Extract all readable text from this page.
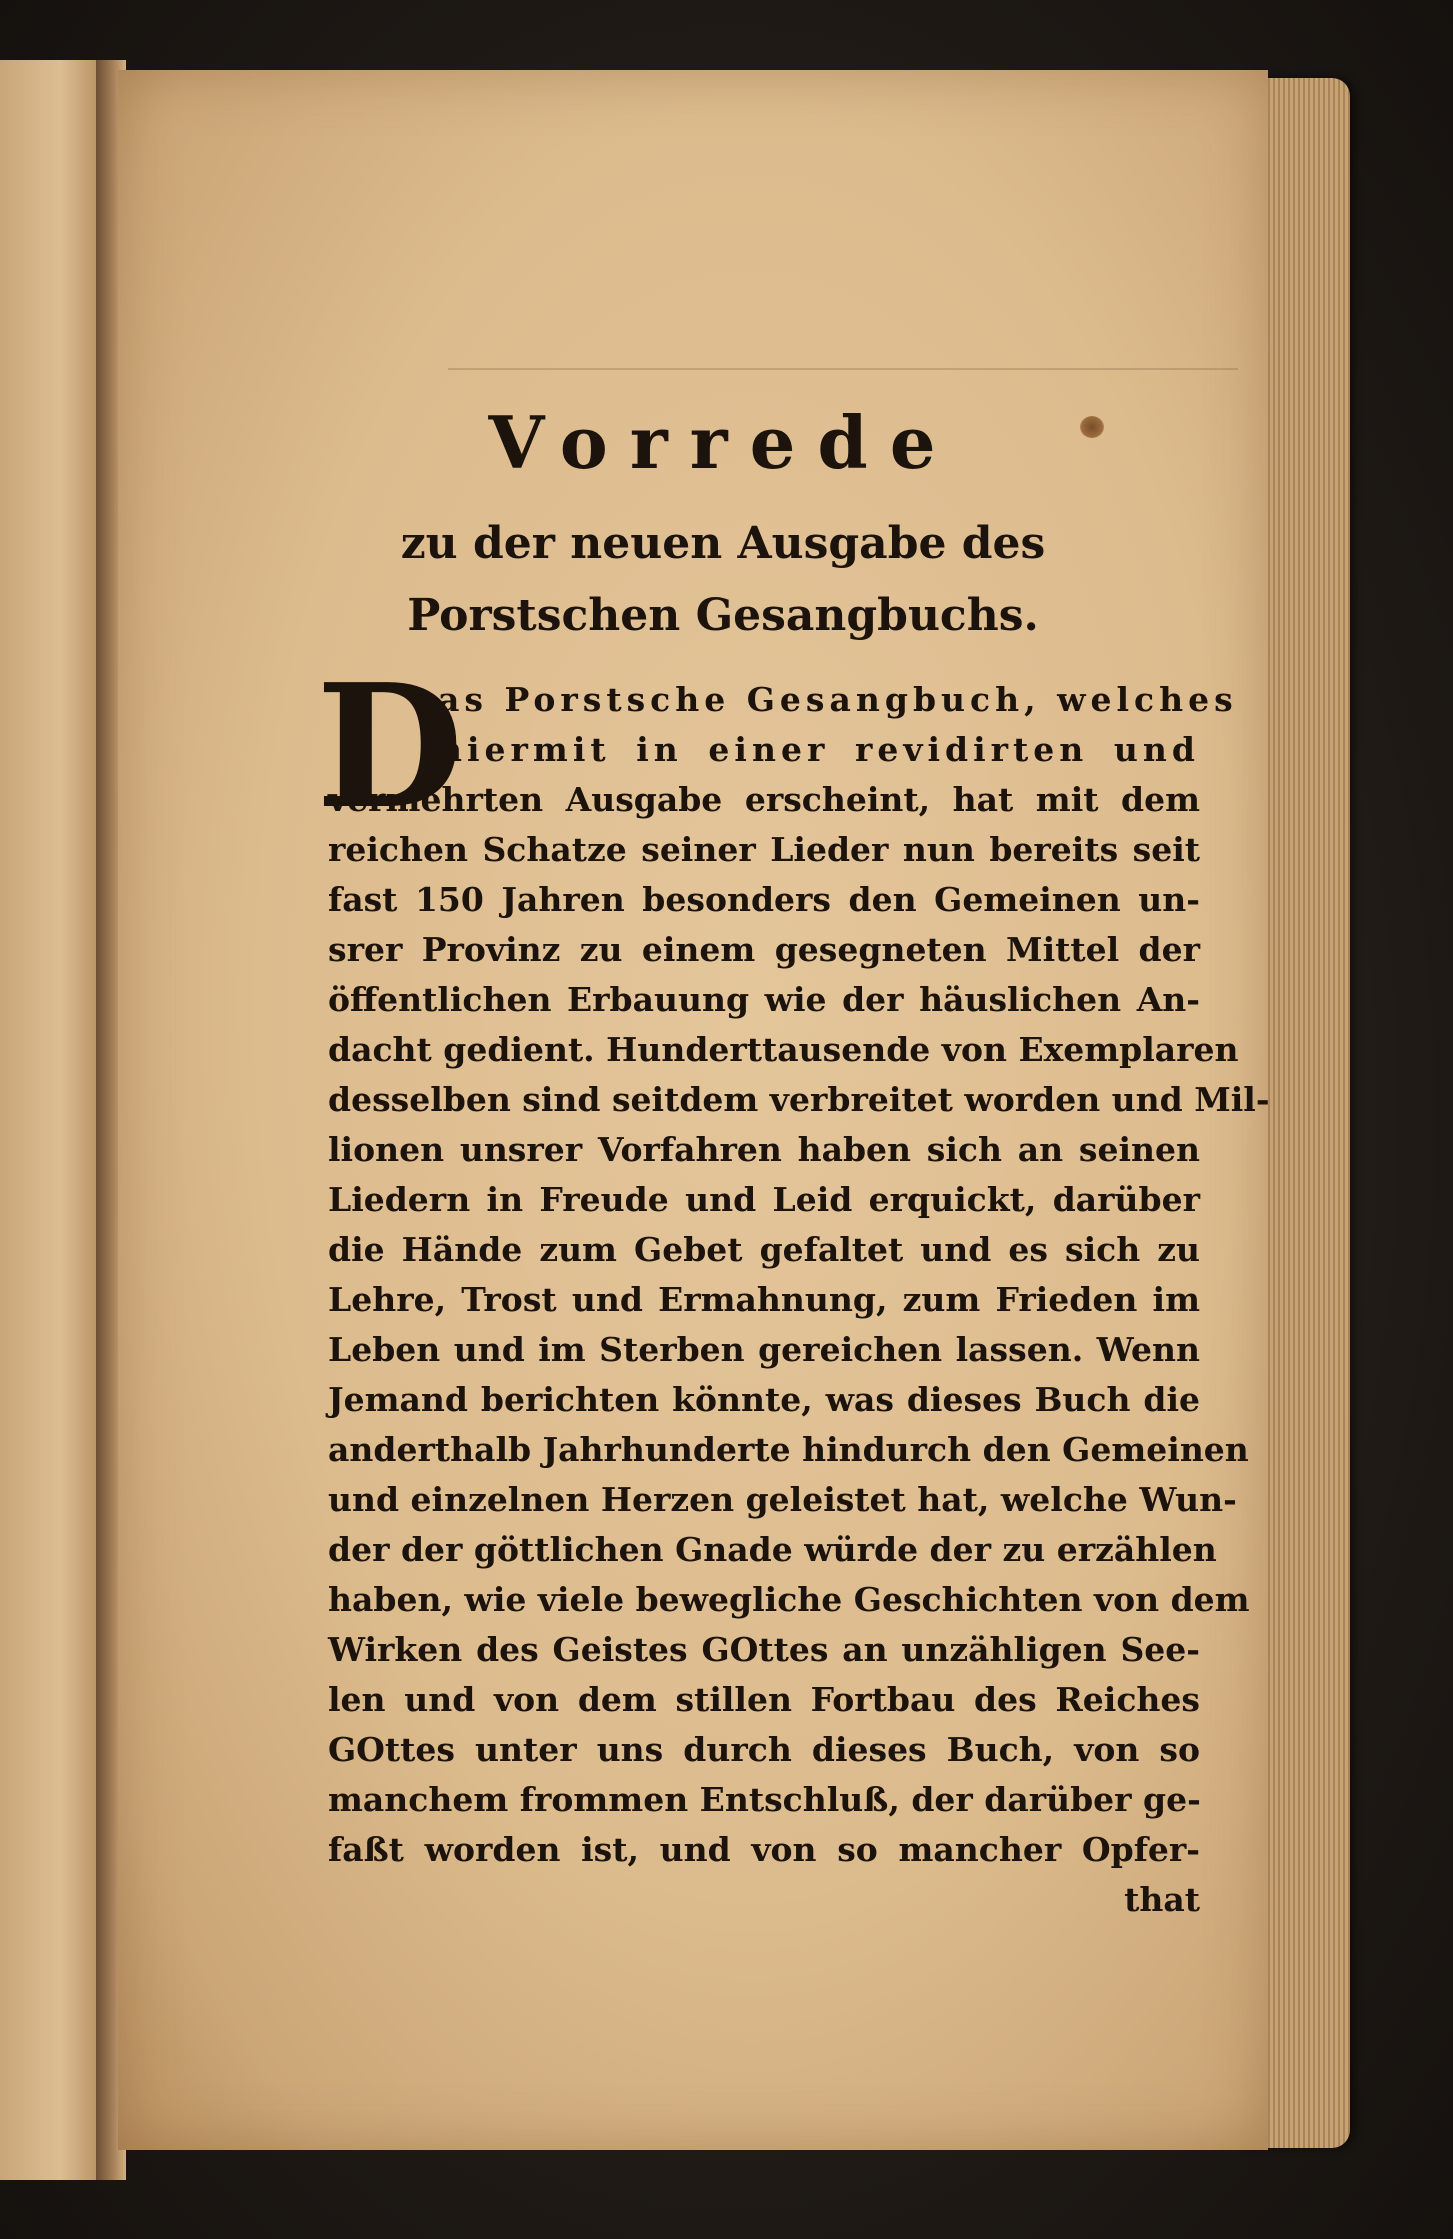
Vorrede
zu der neuen Ausgabe des
Porstschen Gesangbuchs.
D
as Porstsche Gesangbuch, welches
hiermit in einer revidirten und
vermehrten Ausgabe erscheint, hat mit dem
reichen Schatze seiner Lieder nun bereits seit
fast 150 Jahren besonders den Gemeinen un-
srer Provinz zu einem gesegneten Mittel der
öffentlichen Erbauung wie der häuslichen An-
dacht gedient. Hunderttausende von Exemplaren
desselben sind seitdem verbreitet worden und Mil-
lionen unsrer Vorfahren haben sich an seinen
Liedern in Freude und Leid erquickt, darüber
die Hände zum Gebet gefaltet und es sich zu
Lehre, Trost und Ermahnung, zum Frieden im
Leben und im Sterben gereichen lassen. Wenn
Jemand berichten könnte, was dieses Buch die
anderthalb Jahrhunderte hindurch den Gemeinen
und einzelnen Herzen geleistet hat, welche Wun-
der der göttlichen Gnade würde der zu erzählen
haben, wie viele bewegliche Geschichten von dem
Wirken des Geistes GOttes an unzähligen See-
len und von dem stillen Fortbau des Reiches
GOttes unter uns durch dieses Buch, von so
manchem frommen Entschluß, der darüber ge-
faßt worden ist, und von so mancher Opfer-
that
